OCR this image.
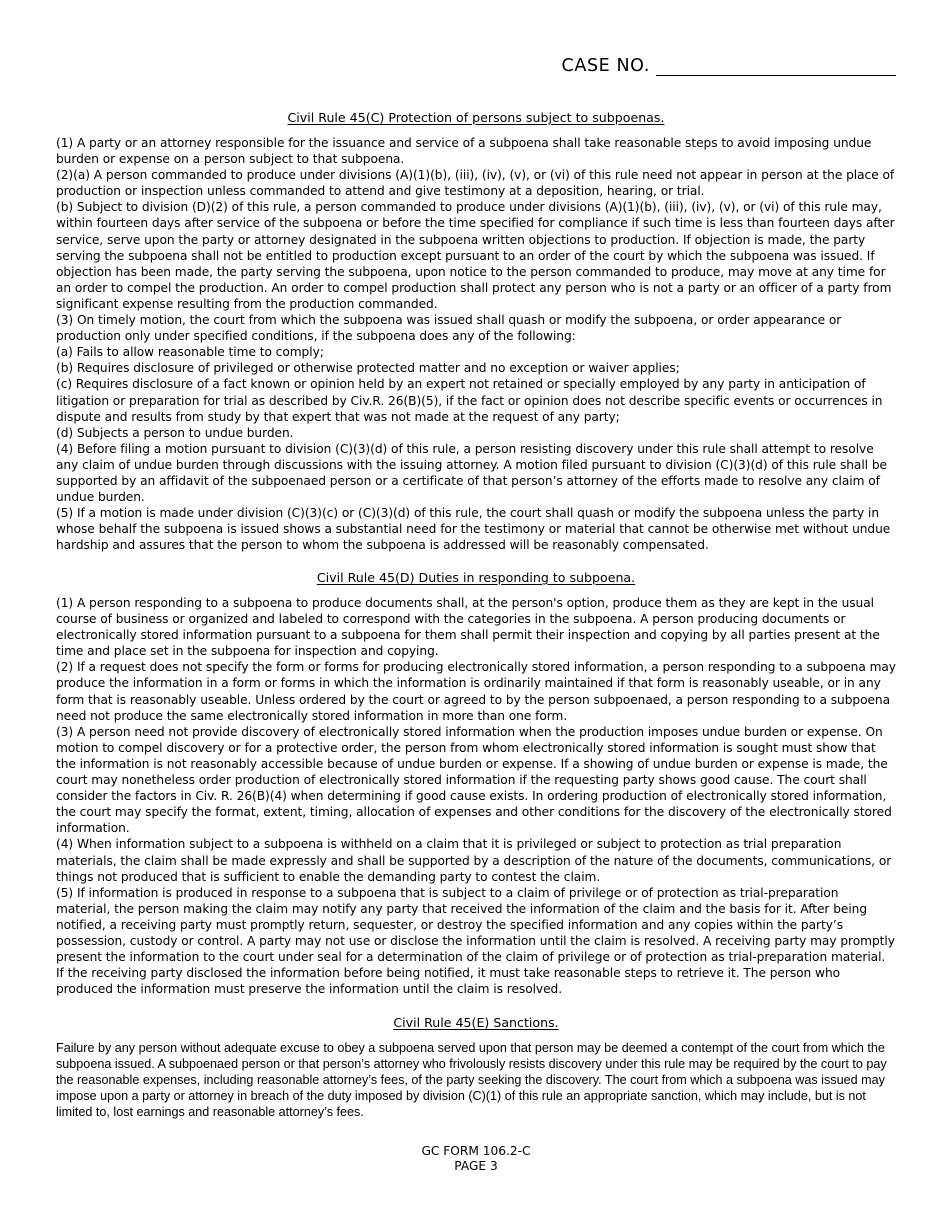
CASE NO.
Civil Rule 45(C) Protection of persons subject to subpoenas.

(1) A party or an attorney responsible for the issuance and service of a subpoena shall take reasonable steps to avoid imposing undue burden or expense on a person subject to that subpoena.

(2)(a) A person commanded to produce under divisions (A)(1)(b), (iii), (iv), (v), or (vi) of this rule need not appear in person at the place of production or inspection unless commanded to attend and give testimony at a deposition, hearing, or trial.

(b) Subject to division (D)(2) of this rule, a person commanded to produce under divisions (A)(1)(b), (iii), (iv), (v), or (vi) of this rule may, within fourteen days after service of the subpoena or before the time specified for compliance if such time is less than fourteen days after service, serve upon the party or attorney designated in the subpoena written objections to production. If objection is made, the party serving the subpoena shall not be entitled to production except pursuant to an order of the court by which the subpoena was issued. If objection has been made, the party serving the subpoena, upon notice to the person commanded to produce, may move at any time for an order to compel the production. An order to compel production shall protect any person who is not a party or an officer of a party from significant expense resulting from the production commanded.

(3) On timely motion, the court from which the subpoena was issued shall quash or modify the subpoena, or order appearance or production only under specified conditions, if the subpoena does any of the following:

(a) Fails to allow reasonable time to comply;

(b) Requires disclosure of privileged or otherwise protected matter and no exception or waiver applies;

(c) Requires disclosure of a fact known or opinion held by an expert not retained or specially employed by any party in anticipation of litigation or preparation for trial as described by Civ.R. 26(B)(5), if the fact or opinion does not describe specific events or occurrences in dispute and results from study by that expert that was not made at the request of any party;

(d) Subjects a person to undue burden.

(4) Before filing a motion pursuant to division (C)(3)(d) of this rule, a person resisting discovery under this rule shall attempt to resolve any claim of undue burden through discussions with the issuing attorney. A motion filed pursuant to division (C)(3)(d) of this rule shall be supported by an affidavit of the subpoenaed person or a certificate of that person’s attorney of the efforts made to resolve any claim of undue burden.

(5) If a motion is made under division (C)(3)(c) or (C)(3)(d) of this rule, the court shall quash or modify the subpoena unless the party in whose behalf the subpoena is issued shows a substantial need for the testimony or material that cannot be otherwise met without undue hardship and assures that the person to whom the subpoena is addressed will be reasonably compensated.

Civil Rule 45(D) Duties in responding to subpoena.

(1) A person responding to a subpoena to produce documents shall, at the person's option, produce them as they are kept in the usual course of business or organized and labeled to correspond with the categories in the subpoena. A person producing documents or electronically stored information pursuant to a subpoena for them shall permit their inspection and copying by all parties present at the time and place set in the subpoena for inspection and copying.

(2) If a request does not specify the form or forms for producing electronically stored information, a person responding to a subpoena may produce the information in a form or forms in which the information is ordinarily maintained if that form is reasonably useable, or in any form that is reasonably useable. Unless ordered by the court or agreed to by the person subpoenaed, a person responding to a subpoena need not produce the same electronically stored information in more than one form.

(3) A person need not provide discovery of electronically stored information when the production imposes undue burden or expense. On motion to compel discovery or for a protective order, the person from whom electronically stored information is sought must show that the information is not reasonably accessible because of undue burden or expense. If a showing of undue burden or expense is made, the court may nonetheless order production of electronically stored information if the requesting party shows good cause. The court shall consider the factors in Civ. R. 26(B)(4) when determining if good cause exists. In ordering production of electronically stored information, the court may specify the format, extent, timing, allocation of expenses and other conditions for the discovery of the electronically stored information.

(4) When information subject to a subpoena is withheld on a claim that it is privileged or subject to protection as trial preparation materials, the claim shall be made expressly and shall be supported by a description of the nature of the documents, communications, or things not produced that is sufficient to enable the demanding party to contest the claim.

(5) If information is produced in response to a subpoena that is subject to a claim of privilege or of protection as trial-preparation material, the person making the claim may notify any party that received the information of the claim and the basis for it. After being notified, a receiving party must promptly return, sequester, or destroy the specified information and any copies within the party’s possession, custody or control. A party may not use or disclose the information until the claim is resolved. A receiving party may promptly present the information to the court under seal for a determination of the claim of privilege or of protection as trial-preparation material. If the receiving party disclosed the information before being notified, it must take reasonable steps to retrieve it. The person who produced the information must preserve the information until the claim is resolved.

Civil Rule 45(E) Sanctions.

Failure by any person without adequate excuse to obey a subpoena served upon that person may be deemed a contempt of the court from which the subpoena issued. A subpoenaed person or that person’s attorney who frivolously resists discovery under this rule may be required by the court to pay the reasonable expenses, including reasonable attorney’s fees, of the party seeking the discovery. The court from which a subpoena was issued may impose upon a party or attorney in breach of the duty imposed by division (C)(1) of this rule an appropriate sanction, which may include, but is not limited to, lost earnings and reasonable attorney’s fees.

GC FORM 106.2-C
PAGE 3
